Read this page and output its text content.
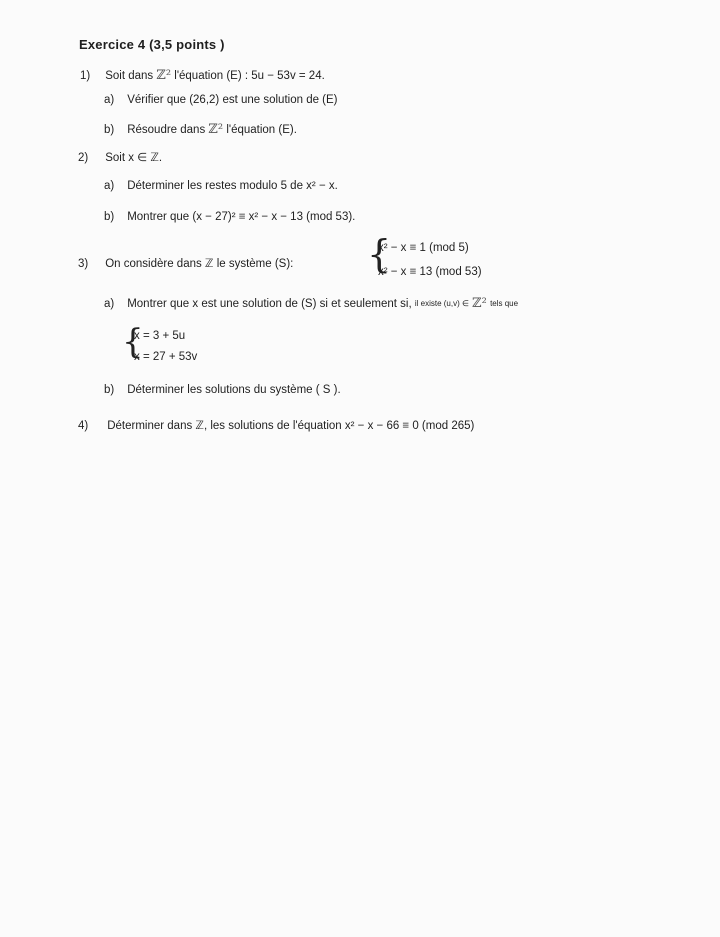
Exercice 4 (3,5 points )
1) Soit dans ℤ² l'équation (E) : 5u − 53v = 24.
a) Vérifier que (26,2) est une solution de (E)
b) Résoudre dans ℤ² l'équation (E).
2) Soit x ∈ ℤ.
a) Déterminer les restes modulo 5 de x² − x.
b) Montrer que (x − 27)² ≡ x² − x − 13 (mod 53).
3) On considère dans ℤ le système (S): {
x² − x ≡ 1 (mod 5)
x² − x ≡ 13 (mod 53)
a) Montrer que x est une solution de (S) si et seulement si, il existe (u,v) ∈ ℤ² tels que
{
x = 3 + 5u
x = 27 + 53v
b) Déterminer les solutions du système ( S ).
4) Déterminer dans ℤ, les solutions de l'équation x² − x − 66 ≡ 0 (mod 265)
